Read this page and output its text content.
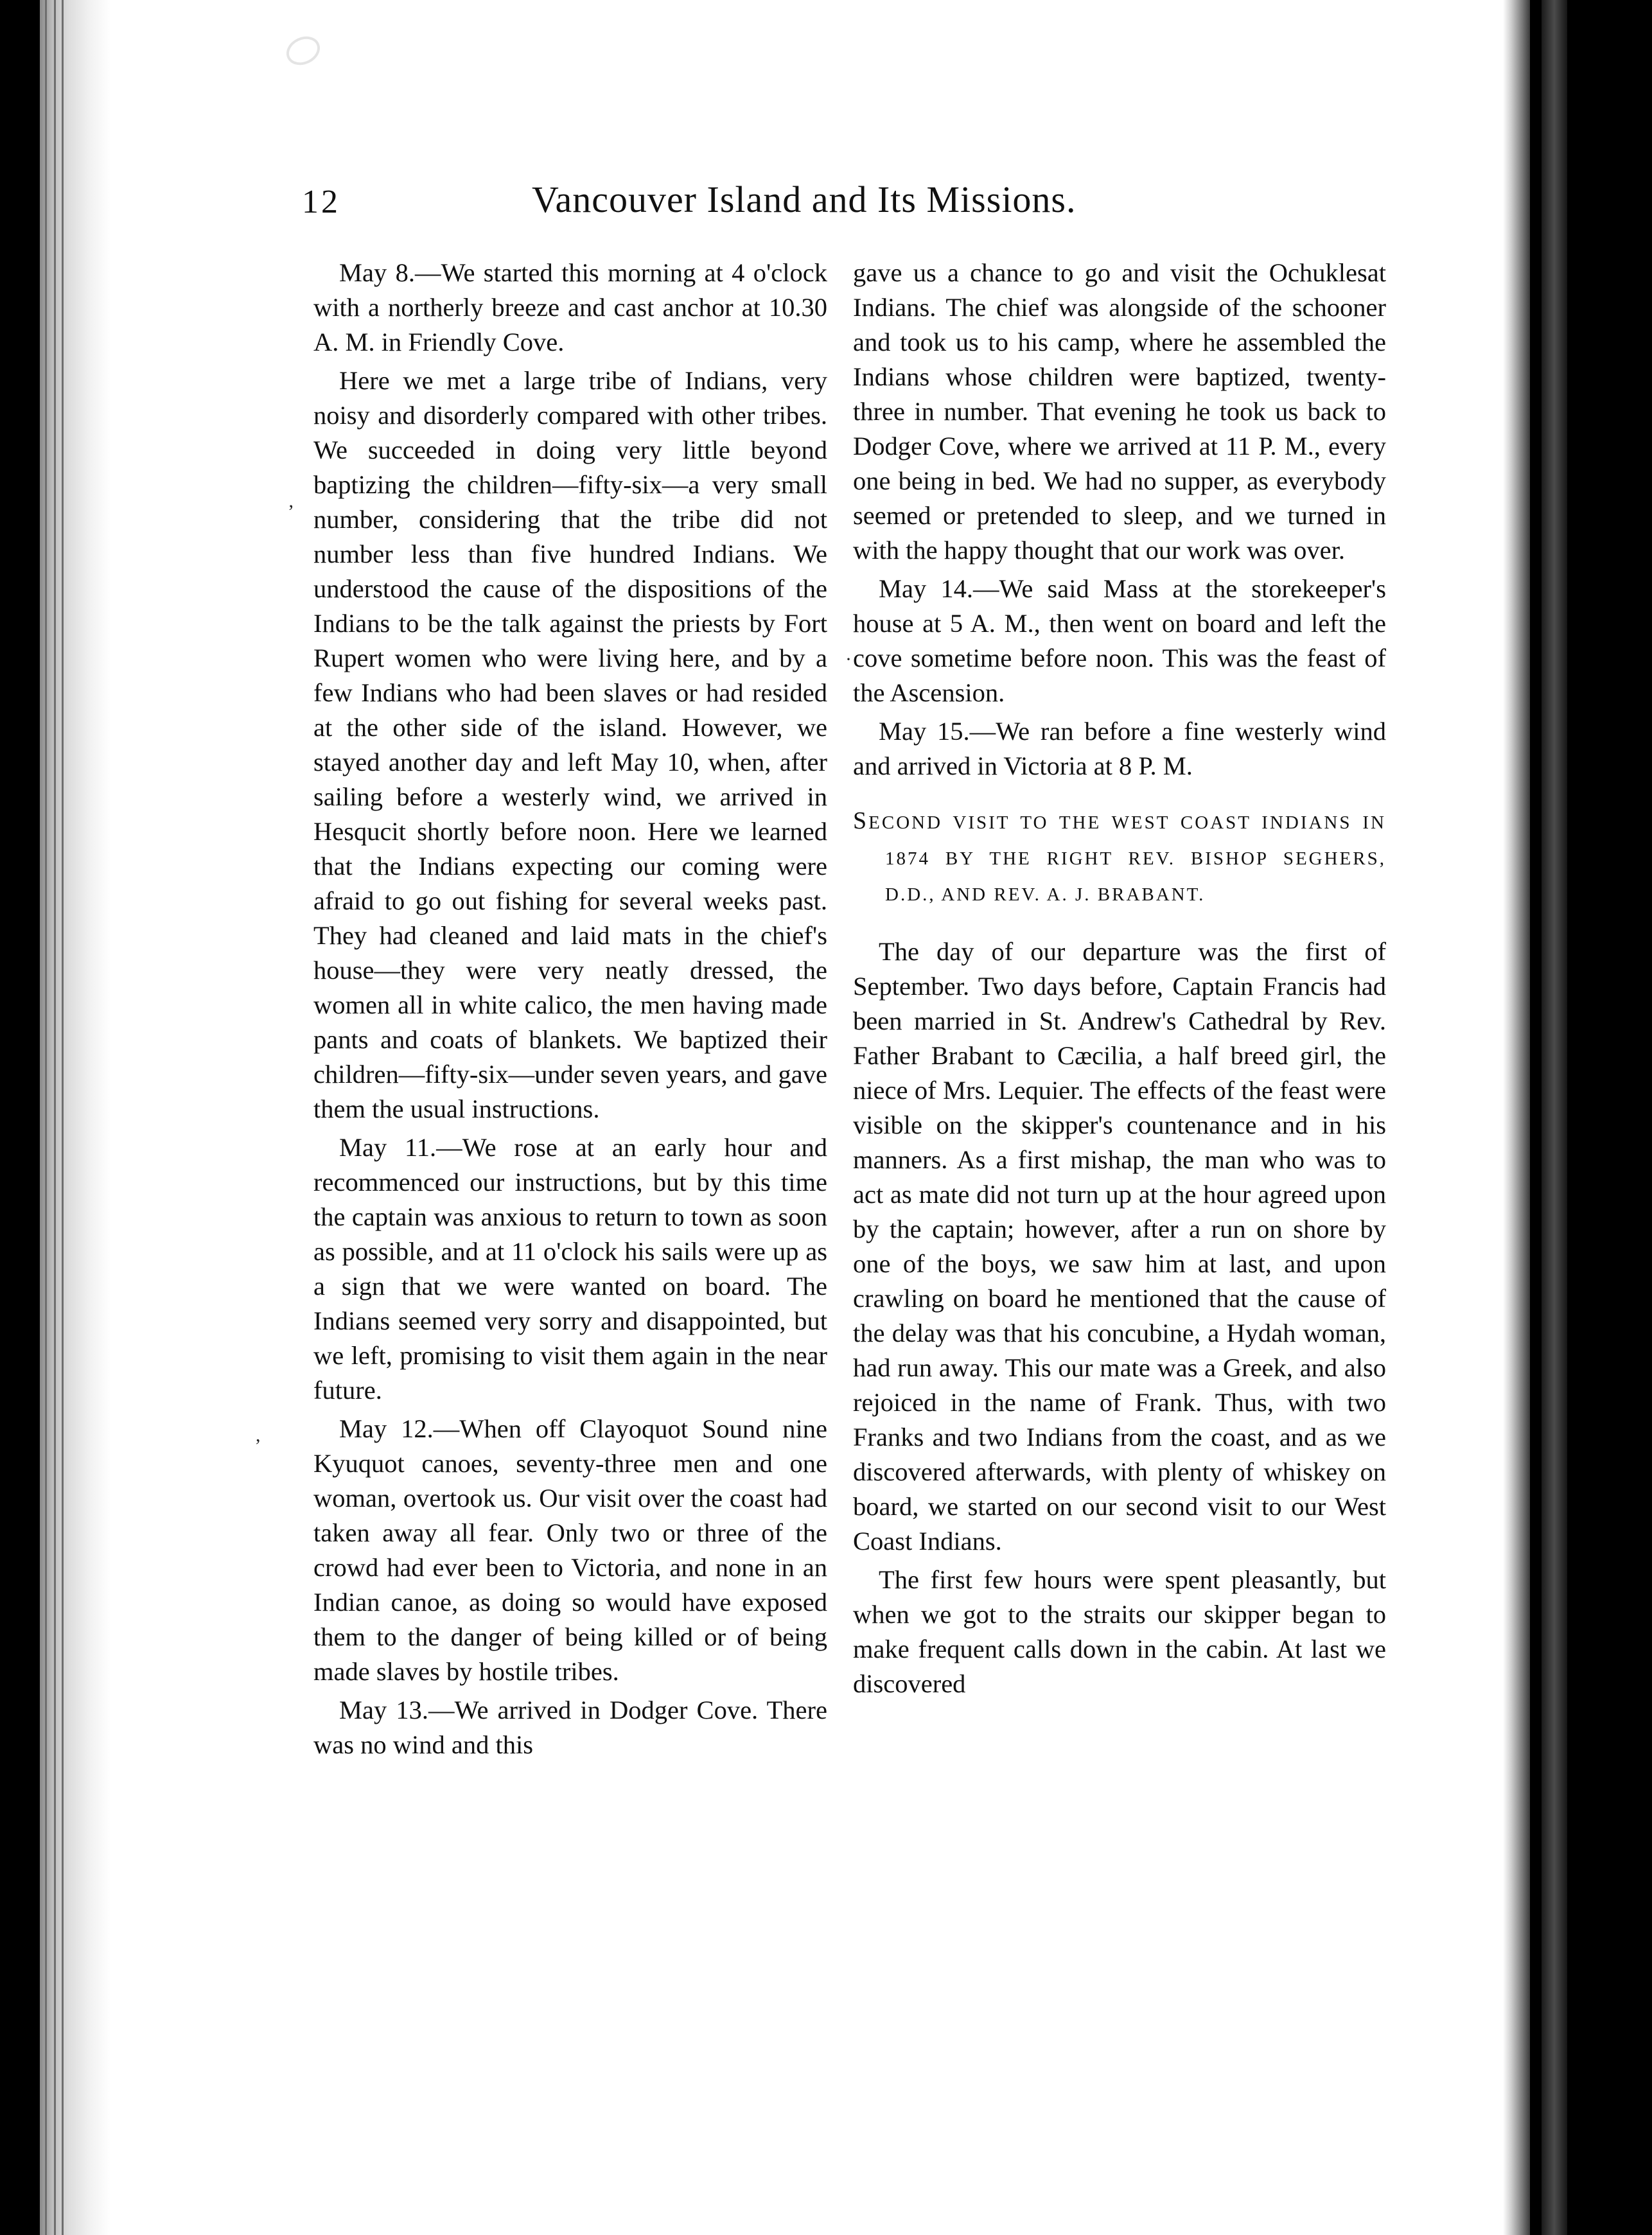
12	Vancouver Island and Its Missions.

May 8.—We started this morning at 4 o'clock with a northerly breeze and cast anchor at 10.30 A. M. in Friendly Cove.

Here we met a large tribe of Indians, very noisy and disorderly compared with other tribes. We succeeded in doing very little beyond baptizing the children—fifty-six—a very small number, considering that the tribe did not number less than five hundred Indians. We understood the cause of the dispositions of the Indians to be the talk against the priests by Fort Rupert women who were living here, and by a few Indians who had been slaves or had resided at the other side of the island. However, we stayed another day and left May 10, when, after sailing before a westerly wind, we arrived in Hesqucit shortly before noon. Here we learned that the Indians expecting our coming were afraid to go out fishing for several weeks past. They had cleaned and laid mats in the chief's house—they were very neatly dressed, the women all in white calico, the men having made pants and coats of blankets. We baptized their children—fifty-six—under seven years, and gave them the usual instructions.

May 11.—We rose at an early hour and recommenced our instructions, but by this time the captain was anxious to return to town as soon as possible, and at 11 o'clock his sails were up as a sign that we were wanted on board. The Indians seemed very sorry and disappointed, but we left, promising to visit them again in the near future.

May 12.—When off Clayoquot Sound nine Kyuquot canoes, seventy-three men and one woman, overtook us. Our visit over the coast had taken away all fear. Only two or three of the crowd had ever been to Victoria, and none in an Indian canoe, as doing so would have exposed them to the danger of being killed or of being made slaves by hostile tribes.

May 13.—We arrived in Dodger Cove. There was no wind and this

gave us a chance to go and visit the Ochuklesat Indians. The chief was alongside of the schooner and took us to his camp, where he assembled the Indians whose children were baptized, twenty-three in number. That evening he took us back to Dodger Cove, where we arrived at 11 P. M., every one being in bed. We had no supper, as everybody seemed or pretended to sleep, and we turned in with the happy thought that our work was over.

May 14.—We said Mass at the storekeeper's house at 5 A. M., then went on board and left the cove sometime before noon. This was the feast of the Ascension.

May 15.—We ran before a fine westerly wind and arrived in Victoria at 8 P. M.

SECOND VISIT TO THE WEST COAST INDIANS IN 1874 BY THE RIGHT REV. BISHOP SEGHERS, D.D., AND REV. A. J. BRABANT.

The day of our departure was the first of September. Two days before, Captain Francis had been married in St. Andrew's Cathedral by Rev. Father Brabant to Cæcilia, a half breed girl, the niece of Mrs. Lequier. The effects of the feast were visible on the skipper's countenance and in his manners. As a first mishap, the man who was to act as mate did not turn up at the hour agreed upon by the captain; however, after a run on shore by one of the boys, we saw him at last, and upon crawling on board he mentioned that the cause of the delay was that his concubine, a Hydah woman, had run away. This our mate was a Greek, and also rejoiced in the name of Frank. Thus, with two Franks and two Indians from the coast, and as we discovered afterwards, with plenty of whiskey on board, we started on our second visit to our West Coast Indians.

The first few hours were spent pleasantly, but when we got to the straits our skipper began to make frequent calls down in the cabin. At last we discovered

’
,
·
